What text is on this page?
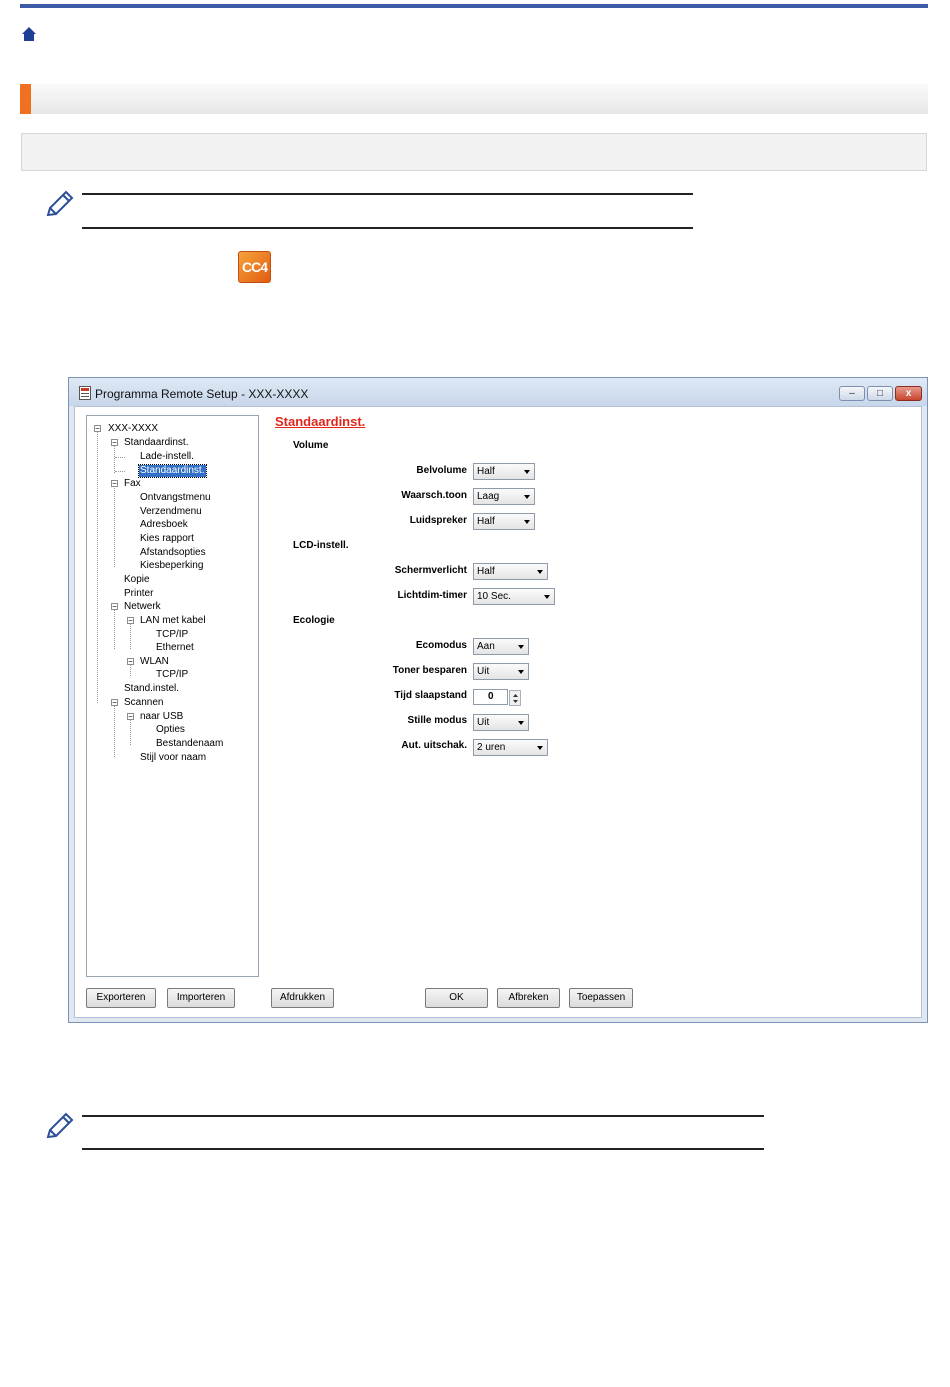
CC4
Programma Remote Setup - XXX-XXXX	–	□	x
− XXX-XXXX
− Standaardinst.
Lade-instell.
Standaardinst.
− Fax
Ontvangstmenu
Verzendmenu
Adresboek
Kies rapport
Afstandsopties
Kiesbeperking
Kopie
Printer
− Netwerk
− LAN met kabel
TCP/IP
Ethernet
− WLAN
TCP/IP
Stand.instel.
− Scannen
− naar USB
Opties
Bestandenaam
Stijl voor naam
Standaardinst.
Volume
Belvolume	Half
Waarsch.toon	Laag
Luidspreker	Half
LCD-instell.
Schermverlicht	Half
Lichtdim-timer	10 Sec.
Ecologie
Ecomodus	Aan
Toner besparen	Uit
Tijd slaapstand 0
Stille modus	Uit
Aut. uitschak.	2 uren
Exporteren	Importeren	Afdrukken	OK	Afbreken	Toepassen
